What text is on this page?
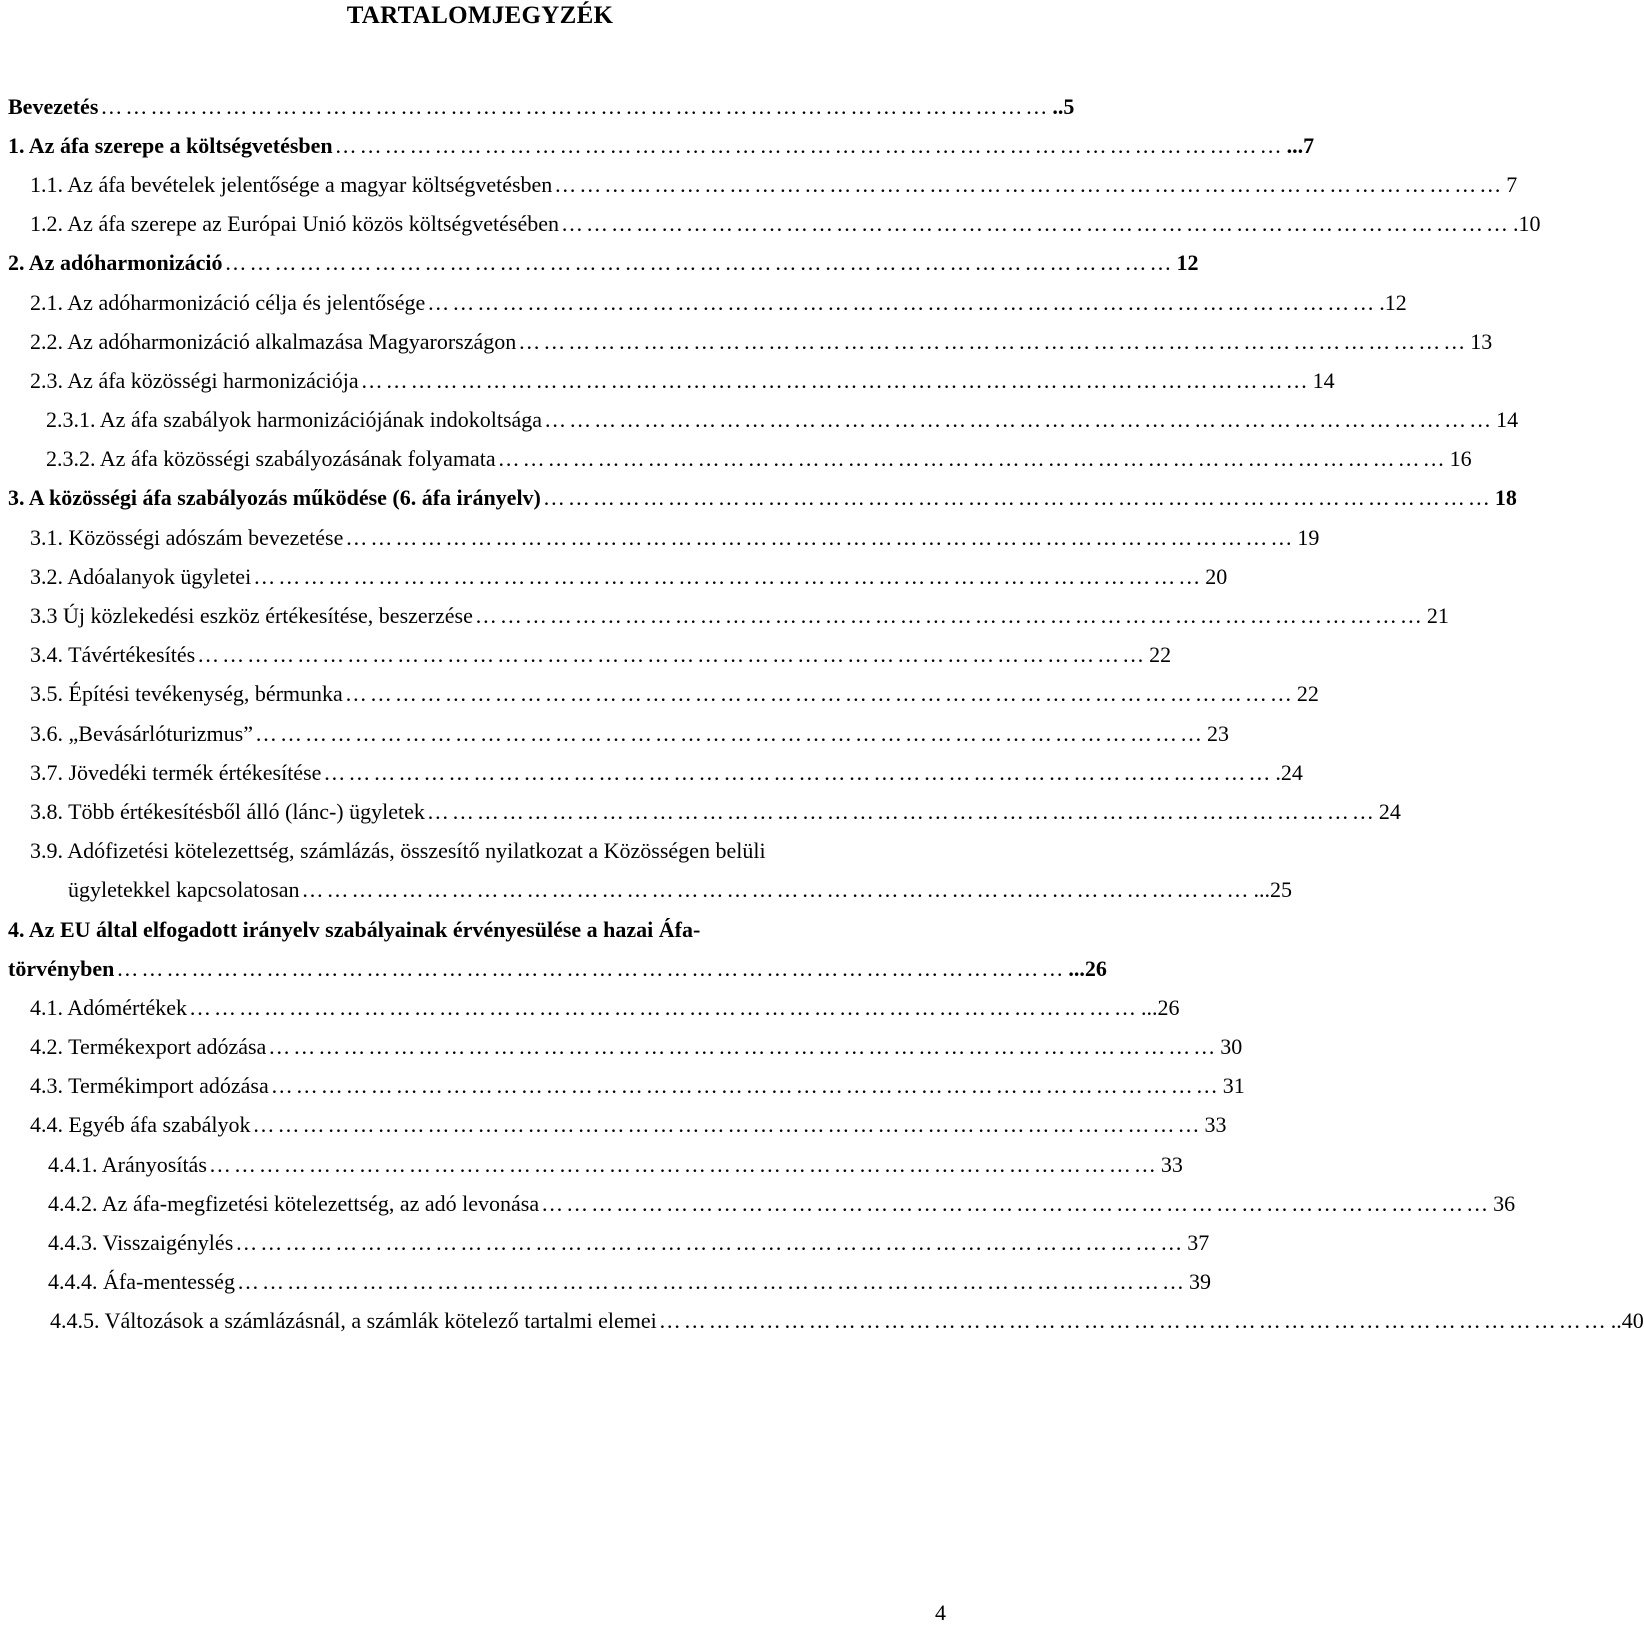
TARTALOMJEGYZÉK
Bevezetés …………………………………………………………………………………………………… ..5
1. Az áfa szerepe a költségvetésben …………………………………………………………………………………………………… ...7
1.1. Az áfa bevételek jelentősége a magyar költségvetésben …………………………………………………………………………………………………… 7
1.2. Az áfa szerepe az Európai Unió közös költségvetésében …………………………………………………………………………………………………… .10
2. Az adóharmonizáció …………………………………………………………………………………………………… 12
2.1. Az adóharmonizáció célja és jelentősége …………………………………………………………………………………………………… .12
2.2. Az adóharmonizáció alkalmazása Magyarországon …………………………………………………………………………………………………… 13
2.3. Az áfa közösségi harmonizációja …………………………………………………………………………………………………… 14
2.3.1. Az áfa szabályok harmonizációjának indokoltsága …………………………………………………………………………………………………… 14
2.3.2. Az áfa közösségi szabályozásának folyamata …………………………………………………………………………………………………… 16
3. A közösségi áfa szabályozás működése (6. áfa irányelv) …………………………………………………………………………………………………… 18
3.1. Közösségi adószám bevezetése …………………………………………………………………………………………………… 19
3.2. Adóalanyok ügyletei …………………………………………………………………………………………………… 20
3.3 Új közlekedési eszköz értékesítése, beszerzése …………………………………………………………………………………………………… 21
3.4. Távértékesítés …………………………………………………………………………………………………… 22
3.5. Építési tevékenység, bérmunka …………………………………………………………………………………………………… 22
3.6. „Bevásárlóturizmus” …………………………………………………………………………………………………… 23
3.7. Jövedéki termék értékesítése …………………………………………………………………………………………………… .24
3.8. Több értékesítésből álló (lánc-) ügyletek …………………………………………………………………………………………………… 24
3.9. Adófizetési kötelezettség, számlázás, összesítő nyilatkozat a Közösségen belüli
ügyletekkel kapcsolatosan …………………………………………………………………………………………………… ...25
4. Az EU által elfogadott irányelv szabályainak érvényesülése a hazai Áfa-
törvényben …………………………………………………………………………………………………… ...26
4.1. Adómértékek …………………………………………………………………………………………………… ...26
4.2. Termékexport adózása …………………………………………………………………………………………………… 30
4.3. Termékimport adózása …………………………………………………………………………………………………… 31
4.4. Egyéb áfa szabályok …………………………………………………………………………………………………… 33
4.4.1. Arányosítás …………………………………………………………………………………………………… 33
4.4.2. Az áfa-megfizetési kötelezettség, az adó levonása …………………………………………………………………………………………………… 36
4.4.3. Visszaigénylés …………………………………………………………………………………………………… 37
4.4.4. Áfa-mentesség …………………………………………………………………………………………………… 39
4.4.5. Változások a számlázásnál, a számlák kötelező tartalmi elemei …………………………………………………………………………………………………… ..40
4
